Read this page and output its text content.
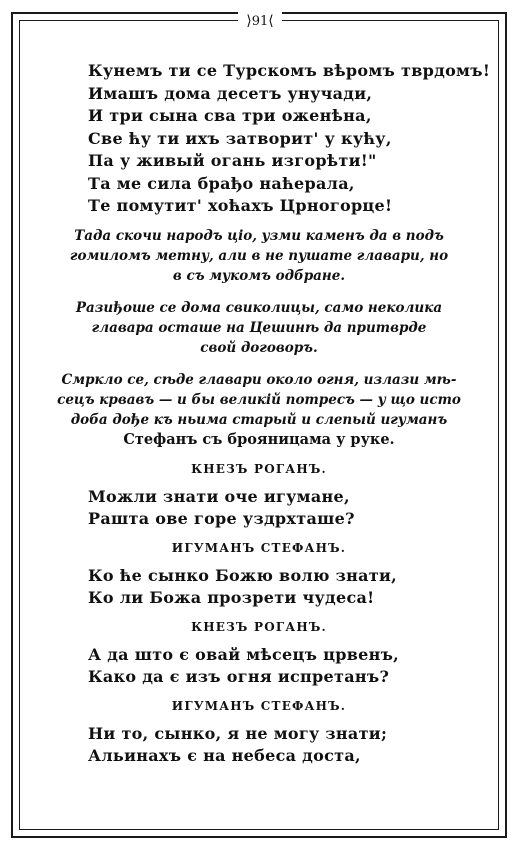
⟩91⟨
Кунемъ ти се Турскомъ вѣромъ тврдомъ!
Имашъ дома десетъ унучади,
И три сына сва три оженѣна,
Све ћу ти ихъ затворит' у кућу,
Па у живый огань изгорѣти!"
Та ме сила брађо наћерала,
Те помутит' хоћахъ Црногорце!
Тада скочи народъ ціо, узми каменъ да в подъ
гомиломъ метну, али в не пушате главари, но
в съ мукомъ одбране.
Разиђоше се дома свиколицы, само неколика
главара осташе на Цешинѣ да притврде
свой договоръ.
Смркло се, сѣде главари около огня, излази мѣ-
сецъ крвавъ — и бы великій потресъ — у що исто
доба дође къ ньима старый и слепый игуманъ
Стефанъ съ брояницама у руке.
КНЕЗЪ РОГАНЪ.
Можли знати оче игумане,
Рашта ове горе уздрхташе?
ИГУМАНЪ СТЕФАНЪ.
Ко ће сынко Божю волю знати,
Ко ли Божа прозрети чудеса!
КНЕЗЪ РОГАНЪ.
А да што є овай мѣсецъ црвенъ,
Како да є изъ огня испретанъ?
ИГУМАНЪ СТЕФАНЪ.
Ни то, сынко, я не могу знати;
Альинахъ є на небеса доста,
